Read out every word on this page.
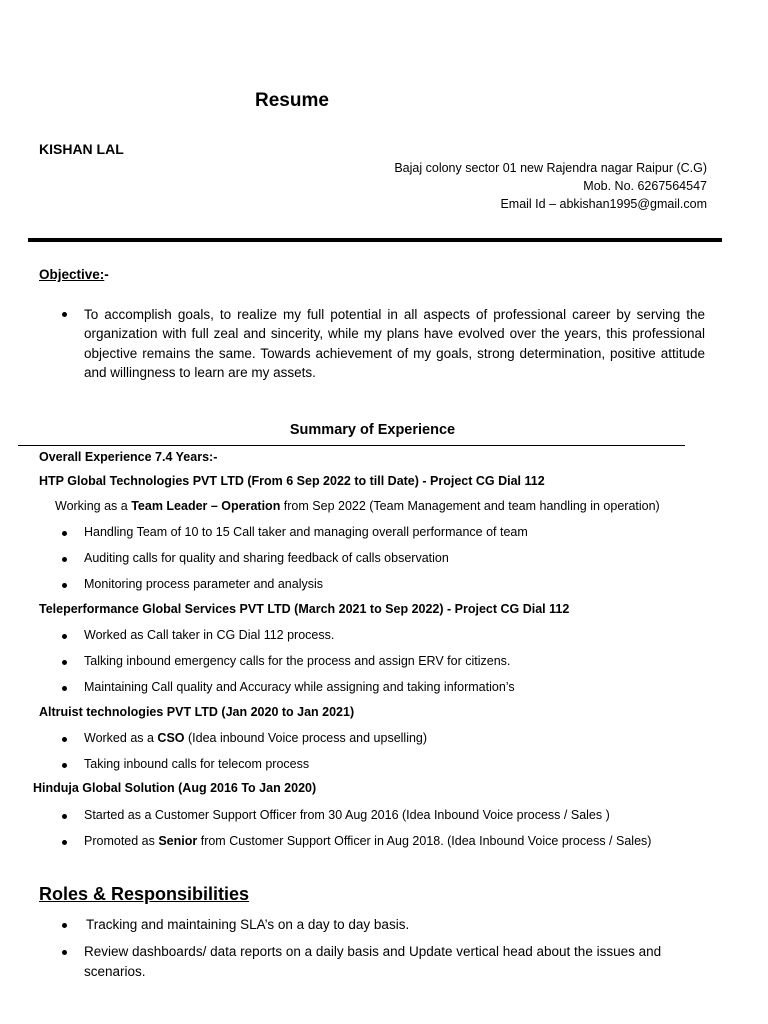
Resume
KISHAN LAL
Bajaj colony sector 01 new Rajendra nagar Raipur (C.G)
Mob. No. 6267564547
Email Id – abkishan1995@gmail.com
Objective:-
To accomplish goals, to realize my full potential in all aspects of professional career by serving the organization with full zeal and sincerity, while my plans have evolved over the years, this professional objective remains the same. Towards achievement of my goals, strong determination, positive attitude and willingness to learn are my assets.
Summary of Experience
Overall Experience 7.4 Years:-
HTP Global Technologies PVT LTD (From 6 Sep 2022 to till Date) - Project CG Dial 112
Working as a Team Leader – Operation from Sep 2022 (Team Management and team handling in operation)
Handling Team of 10 to 15 Call taker and managing overall performance of team
Auditing calls for quality and sharing feedback of calls observation
Monitoring process parameter and analysis
Teleperformance Global Services PVT LTD (March 2021 to Sep 2022) - Project CG Dial 112
Worked as Call taker in CG Dial 112 process.
Talking inbound emergency calls for the process and assign ERV for citizens.
Maintaining Call quality and Accuracy while assigning and taking information’s
Altruist technologies PVT LTD (Jan 2020 to Jan 2021)
Worked as a CSO (Idea inbound Voice process and upselling)
Taking inbound calls for telecom process
Hinduja Global Solution (Aug 2016 To Jan 2020)
Started as a Customer Support Officer from 30 Aug 2016 (Idea Inbound Voice process / Sales )
Promoted as Senior from Customer Support Officer in Aug 2018. (Idea Inbound Voice process / Sales)
Roles & Responsibilities
Tracking and maintaining SLA’s on a day to day basis.
Review dashboards/ data reports on a daily basis and Update vertical head about the issues and scenarios.
